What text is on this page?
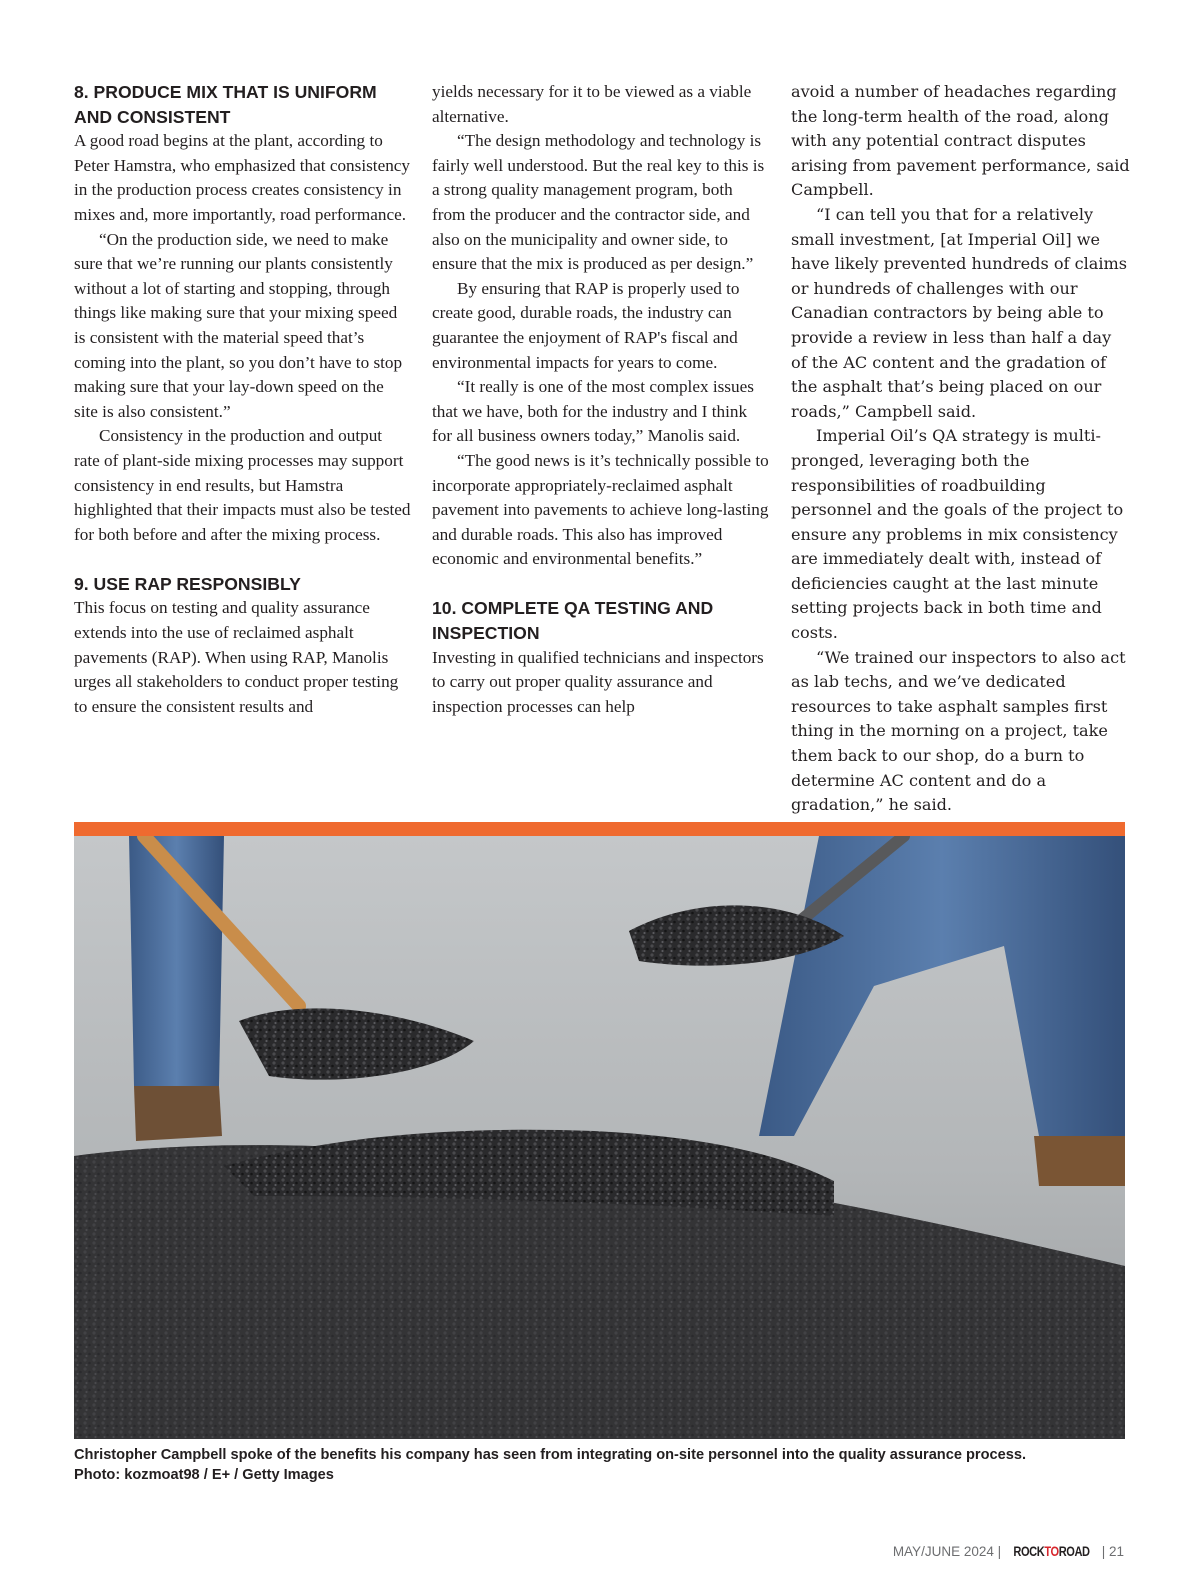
8. PRODUCE MIX THAT IS UNIFORM AND CONSISTENT

A good road begins at the plant, according to Peter Hamstra, who emphasized that consistency in the production process creates consistency in mixes and, more importantly, road performance.

“On the production side, we need to make sure that we’re running our plants consistently without a lot of starting and stopping, through things like making sure that your mixing speed is consistent with the material speed that’s coming into the plant, so you don’t have to stop making sure that your lay-down speed on the site is also consistent.”

Consistency in the production and output rate of plant-side mixing processes may support consistency in end results, but Hamstra highlighted that their impacts must also be tested for both before and after the mixing process.

9. USE RAP RESPONSIBLY

This focus on testing and quality assurance extends into the use of reclaimed asphalt pavements (RAP). When using RAP, Manolis urges all stakeholders to conduct proper testing to ensure the consistent results and

yields necessary for it to be viewed as a viable alternative.

“The design methodology and technology is fairly well understood. But the real key to this is a strong quality management program, both from the producer and the contractor side, and also on the municipality and owner side, to ensure that the mix is produced as per design.”

By ensuring that RAP is properly used to create good, durable roads, the industry can guarantee the enjoyment of RAP's fiscal and environmental impacts for years to come.

“It really is one of the most complex issues that we have, both for the industry and I think for all business owners today,” Manolis said.

“The good news is it’s technically possible to incorporate appropriately-reclaimed asphalt pavement into pavements to achieve long-lasting and durable roads. This also has improved economic and environmental benefits.”

10. COMPLETE QA TESTING AND INSPECTION

Investing in qualified technicians and inspectors to carry out proper quality assurance and inspection processes can help

avoid a number of headaches regarding the long-term health of the road, along with any potential contract disputes arising from pavement performance, said Campbell.

“I can tell you that for a relatively small investment, [at Imperial Oil] we have likely prevented hundreds of claims or hundreds of challenges with our Canadian contractors by being able to provide a review in less than half a day of the AC content and the gradation of the asphalt that’s being placed on our roads,” Campbell said.

Imperial Oil’s QA strategy is multi-pronged, leveraging both the responsibilities of roadbuilding personnel and the goals of the project to ensure any problems in mix consistency are immediately dealt with, instead of deficiencies caught at the last minute setting projects back in both time and costs.

“We trained our inspectors to also act as lab techs, and we’ve dedicated resources to take asphalt samples first thing in the morning on a project, take them back to our shop, do a burn to determine AC content and do a gradation,” he said.

Christopher Campbell spoke of the benefits his company has seen from integrating on-site personnel into the quality assurance process.

Photo: kozmoat98 / E+ / Getty Images

MAY/JUNE 2024 | ROCKTOROAD | 21
